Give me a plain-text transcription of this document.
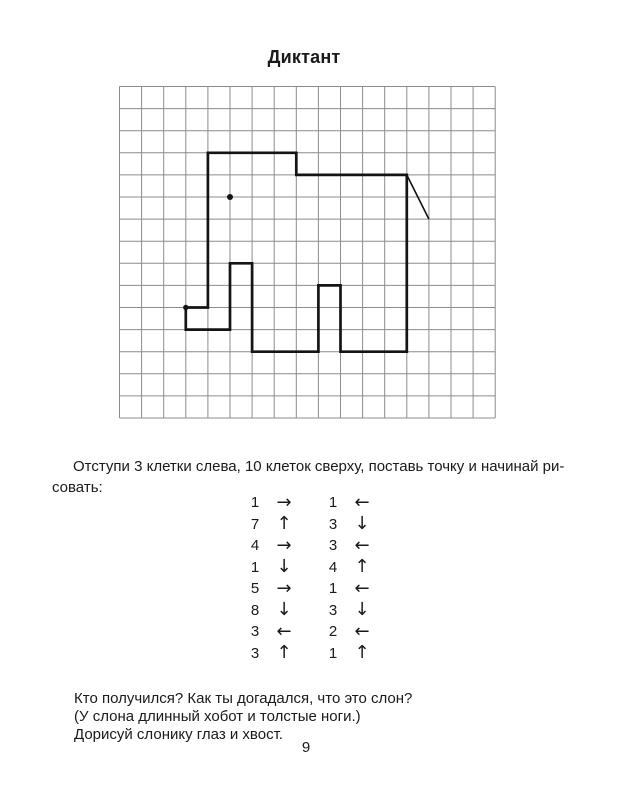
Диктант

Отступи 3 клетки слева, 10 клеток сверху, поставь точку и начинай ри-
совать:

1 →
7 ↑
4 →
1 ↓
5 →
8 ↓
3 ←
3 ↑
1 ←
3 ↓
3 ←
4 ↑
1 ←
3 ↓
2 ←
1 ↑

Кто получился? Как ты догадался, что это слон?
(У слона длинный хобот и толстые ноги.)
Дорисуй слонику глаз и хвост.

9
